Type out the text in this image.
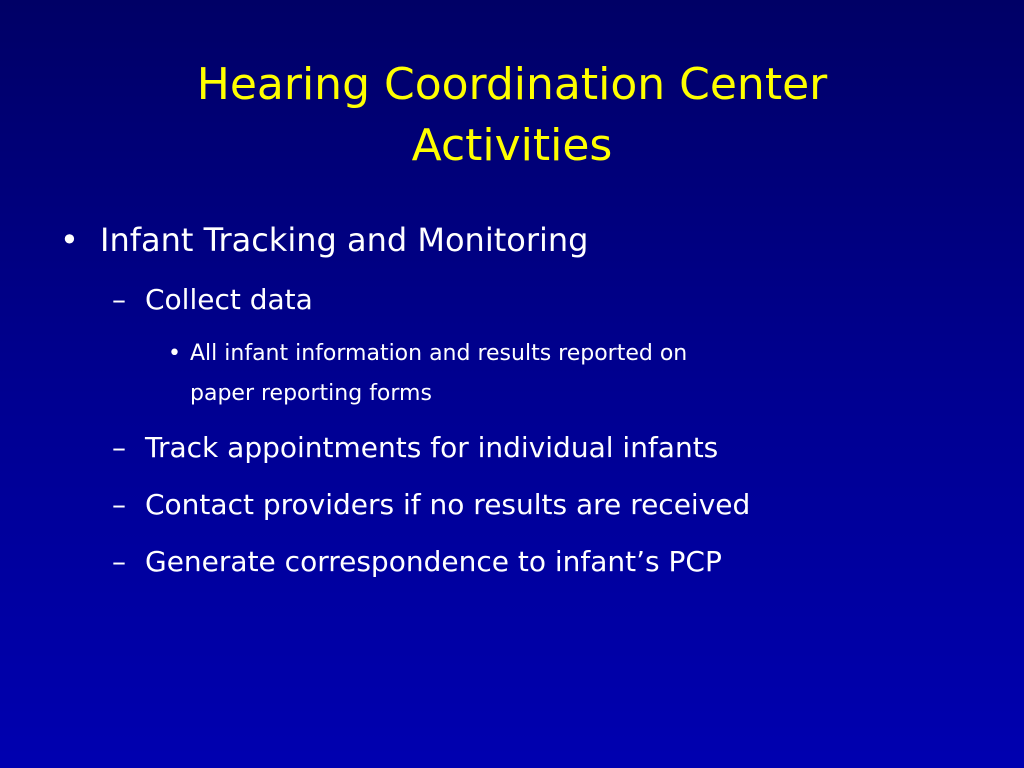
Hearing Coordination Center
Activities
• Infant Tracking and Monitoring
– Collect data
• All infant information and results reported on
paper reporting forms
– Track appointments for individual infants
– Contact providers if no results are received
– Generate correspondence to infant’s PCP
